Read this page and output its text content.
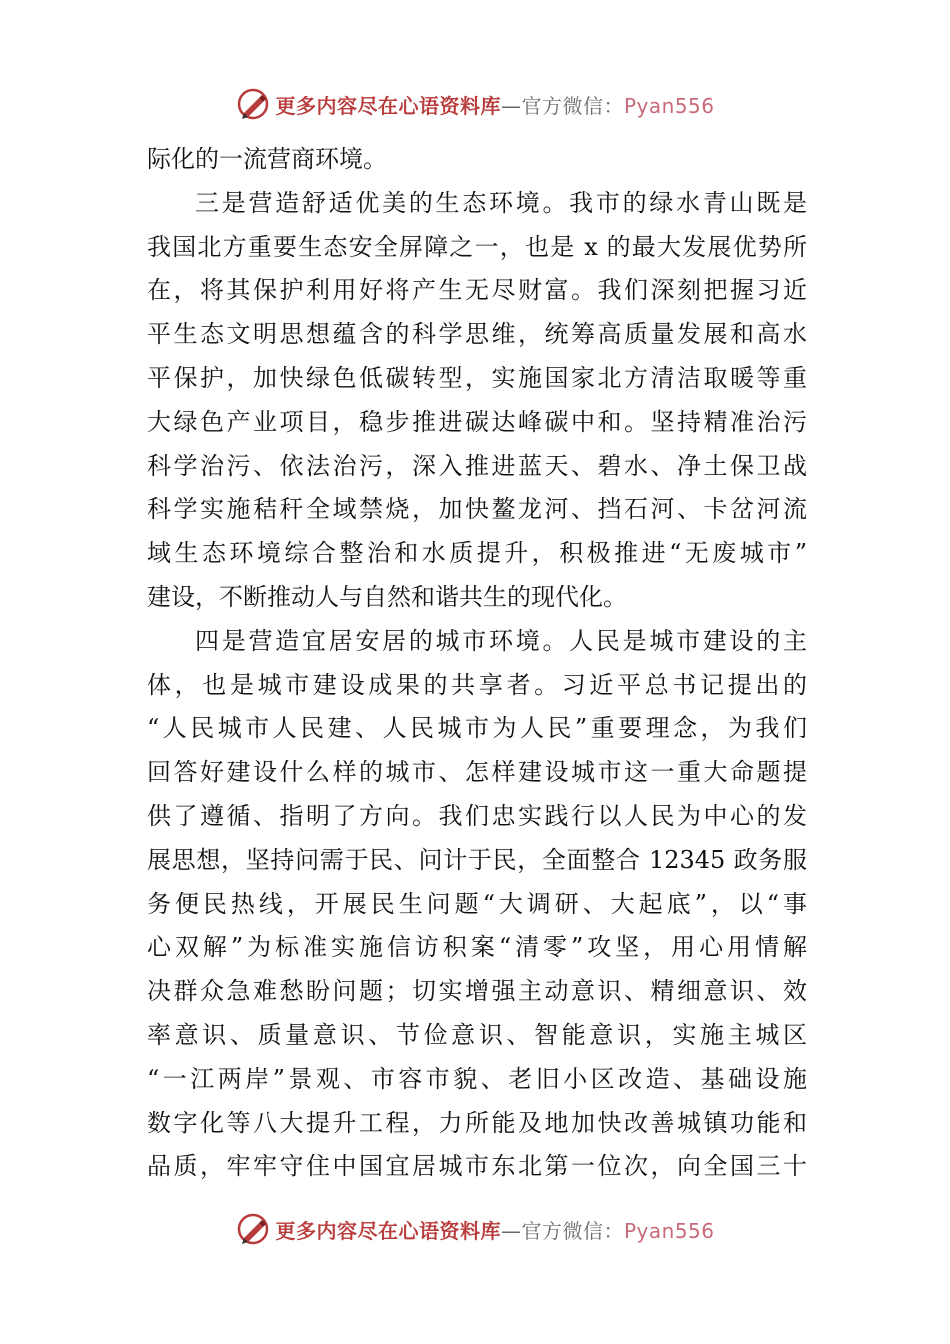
更多内容尽在心语资料库—官方微信：Pyan556
际化的一流营商环境。
三是营造舒适优美的生态环境。我市的绿水青山既是
我国北方重要生态安全屏障之一，也是 x 的最大发展优势所
在，将其保护利用好将产生无尽财富。我们深刻把握习近
平生态文明思想蕴含的科学思维，统筹高质量发展和高水
平保护，加快绿色低碳转型，实施国家北方清洁取暖等重
大绿色产业项目，稳步推进碳达峰碳中和。坚持精准治污
科学治污、依法治污，深入推进蓝天、碧水、净土保卫战
科学实施秸秆全域禁烧，加快鳌龙河、挡石河、卡岔河流
域生态环境综合整治和水质提升，积极推进“无废城市”
建设，不断推动人与自然和谐共生的现代化。
四是营造宜居安居的城市环境。人民是城市建设的主
体，也是城市建设成果的共享者。习近平总书记提出的
“人民城市人民建、人民城市为人民”重要理念，为我们
回答好建设什么样的城市、怎样建设城市这一重大命题提
供了遵循、指明了方向。我们忠实践行以人民为中心的发
展思想，坚持问需于民、问计于民，全面整合 12345 政务服
务便民热线，开展民生问题“大调研、大起底”，以“事
心双解”为标准实施信访积案“清零”攻坚，用心用情解
决群众急难愁盼问题；切实增强主动意识、精细意识、效
率意识、质量意识、节俭意识、智能意识，实施主城区
“一江两岸”景观、市容市貌、老旧小区改造、基础设施
数字化等八大提升工程，力所能及地加快改善城镇功能和
品质，牢牢守住中国宜居城市东北第一位次，向全国三十
更多内容尽在心语资料库—官方微信：Pyan556
